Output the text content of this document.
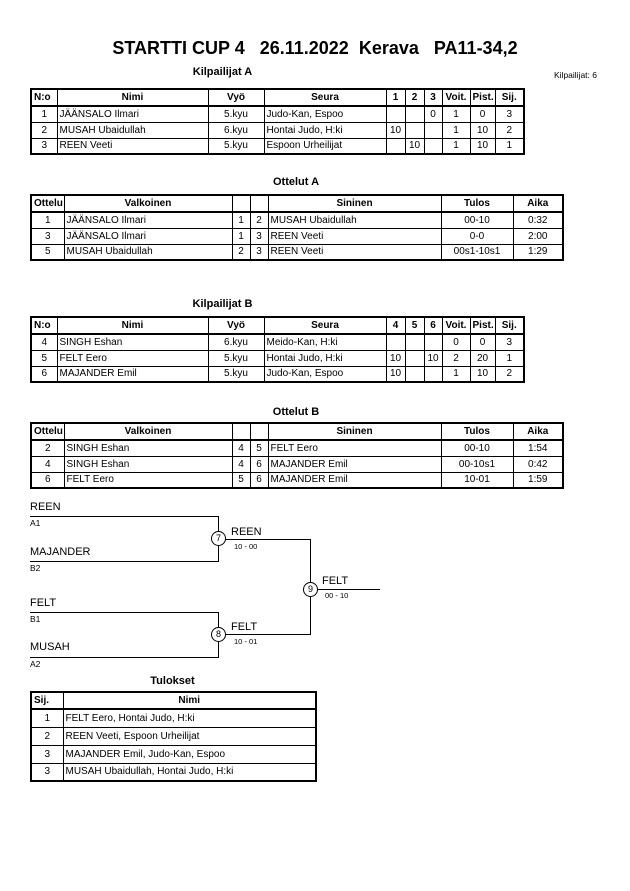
STARTTI CUP 4   26.11.2022  Kerava   PA11-34,2
Kilpailijat: 6
Kilpailijat A
N:o	Nimi	Vyö	Seura	1	2	3	Voit.	Pist.	Sij.
1	JÄÄNSALO Ilmari	5.kyu	Judo-Kan, Espoo			0	1	0	3
2	MUSAH Ubaidullah	6.kyu	Hontai Judo, H:ki	10			1	10	2
3	REEN Veeti	5.kyu	Espoon Urheilijat		10		1	10	1
Ottelut A
Ottelu	Valkoinen			Sininen	Tulos	Aika
1	JÄÄNSALO Ilmari	1	2	MUSAH Ubaidullah	00-10	0:32
3	JÄÄNSALO Ilmari	1	3	REEN Veeti	0-0	2:00
5	MUSAH Ubaidullah	2	3	REEN Veeti	00s1-10s1	1:29
Kilpailijat B
N:o	Nimi	Vyö	Seura	4	5	6	Voit.	Pist.	Sij.
4	SINGH Eshan	6.kyu	Meido-Kan, H:ki				0	0	3
5	FELT Eero	5.kyu	Hontai Judo, H:ki	10		10	2	20	1
6	MAJANDER Emil	5.kyu	Judo-Kan, Espoo	10			1	10	2
Ottelut B
Ottelu	Valkoinen			Sininen	Tulos	Aika
2	SINGH Eshan	4	5	FELT Eero	00-10	1:54
4	SINGH Eshan	4	6	MAJANDER Emil	00-10s1	0:42
6	FELT Eero	5	6	MAJANDER Emil	10-01	1:59
REEN
A1
MAJANDER
B2
7 REEN
10 - 00
FELT
B1
MUSAH
A2
8
FELT
10 - 01
9
FELT
00 - 10
Tulokset
Sij.	Nimi
1	FELT Eero, Hontai Judo, H:ki
2	REEN Veeti, Espoon Urheilijat
3	MAJANDER Emil, Judo-Kan, Espoo
3	MUSAH Ubaidullah, Hontai Judo, H:ki
